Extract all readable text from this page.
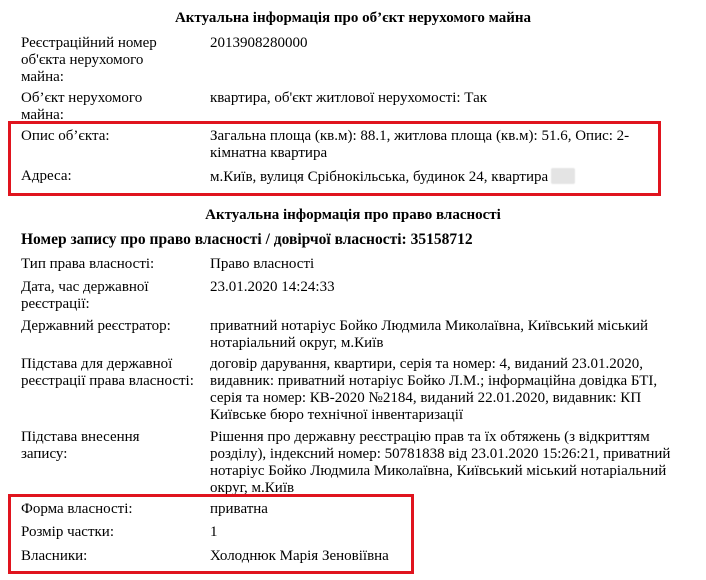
Актуальна інформація про об’єкт нерухомого майна
Реєстраційний номер об'єкта нерухомого майна:
2013908280000
Об’єкт нерухомого майна:
квартира, об'єкт житлової нерухомості: Так
Опис об’єкта:	Загальна площа (кв.м): 88.1, житлова площа (кв.м): 51.6, Опис: 2-кімнатна квартира
Адреса:	м.Київ, вулиця Срібнокільська, будинок 24, квартира
Актуальна інформація про право власності
Номер запису про право власності / довірчої власності: 35158712
Тип права власності:	Право власності
Дата, час державної реєстрації:
23.01.2020 14:24:33
Державний реєстратор:	приватний нотаріус Бойко Людмила Миколаївна, Київський міський нотаріальний округ, м.Київ
Підстава для державної реєстрації права власності:
договір дарування, квартири, серія та номер: 4, виданий 23.01.2020, видавник: приватний нотаріус Бойко Л.М.; інформаційна довідка БТІ, серія та номер: КВ-2020 №2184, виданий 22.01.2020, видавник: КП Київське бюро технічної інвентаризації
Підстава внесення запису:
Рішення про державну реєстрацію прав та їх обтяжень (з відкриттям розділу), індексний номер: 50781838 від 23.01.2020 15:26:21, приватний нотаріус Бойко Людмила Миколаївна, Київський міський нотаріальний округ, м.Київ
Форма власності:	приватна
Розмір частки:	1
Власники:	Холоднюк Марія Зеновіївна
